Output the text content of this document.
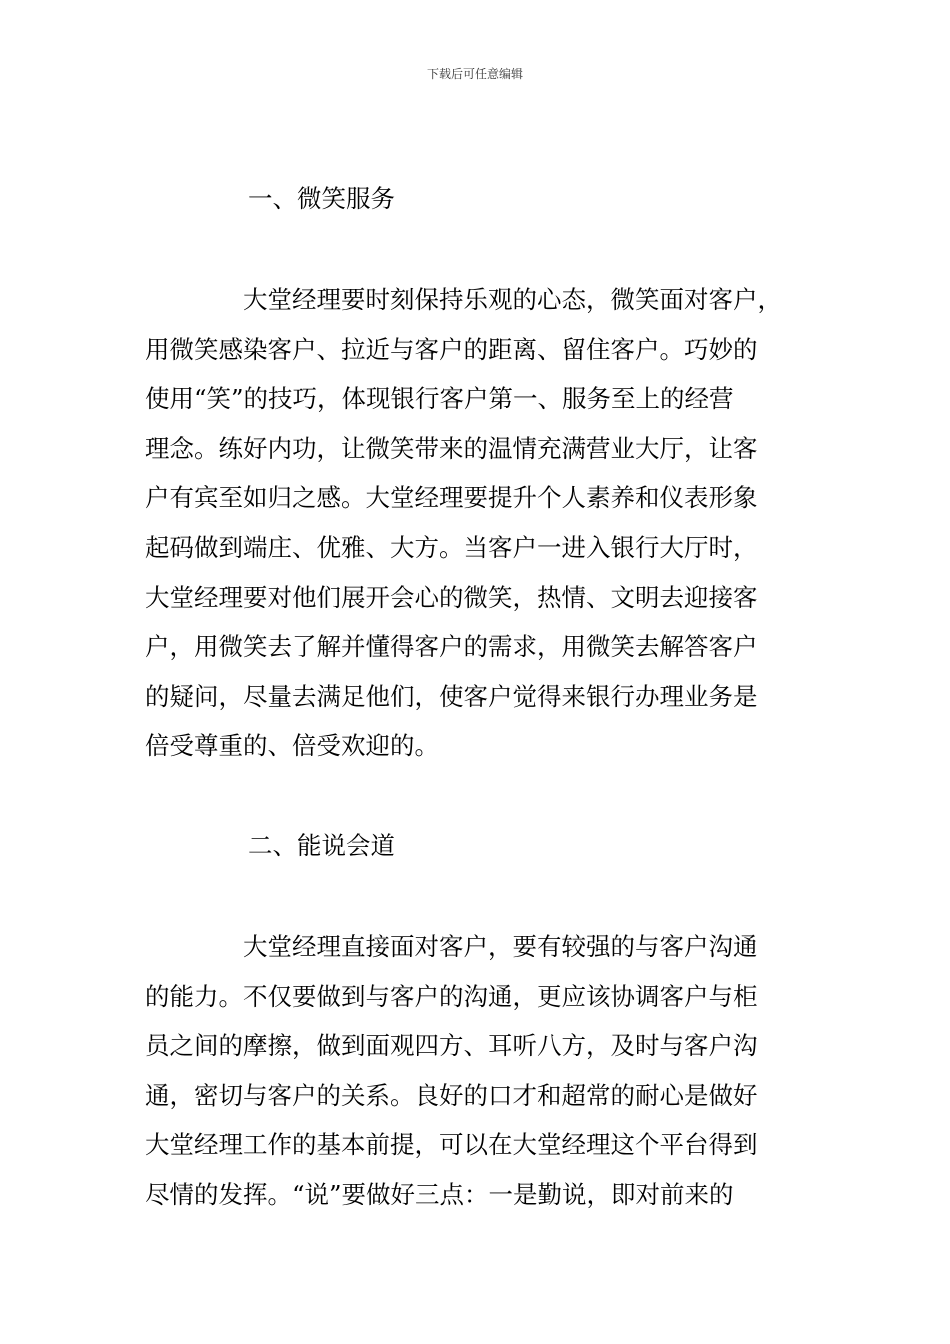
下载后可任意编辑
一、微笑服务
　　　　大堂经理要时刻保持乐观的心态，微笑面对客户，
用微笑感染客户、拉近与客户的距离、留住客户。巧妙的
使用“笑”的技巧，体现银行客户第一、服务至上的经营
理念。练好内功，让微笑带来的温情充满营业大厅，让客
户有宾至如归之感。大堂经理要提升个人素养和仪表形象
起码做到端庄、优雅、大方。当客户一进入银行大厅时，
大堂经理要对他们展开会心的微笑，热情、文明去迎接客
户，用微笑去了解并懂得客户的需求，用微笑去解答客户
的疑问，尽量去满足他们，使客户觉得来银行办理业务是
倍受尊重的、倍受欢迎的。
二、能说会道
　　　　大堂经理直接面对客户，要有较强的与客户沟通
的能力。不仅要做到与客户的沟通，更应该协调客户与柜
员之间的摩擦，做到面观四方、耳听八方，及时与客户沟
通，密切与客户的关系。良好的口才和超常的耐心是做好
大堂经理工作的基本前提，可以在大堂经理这个平台得到
尽情的发挥。“说”要做好三点：一是勤说，即对前来的
